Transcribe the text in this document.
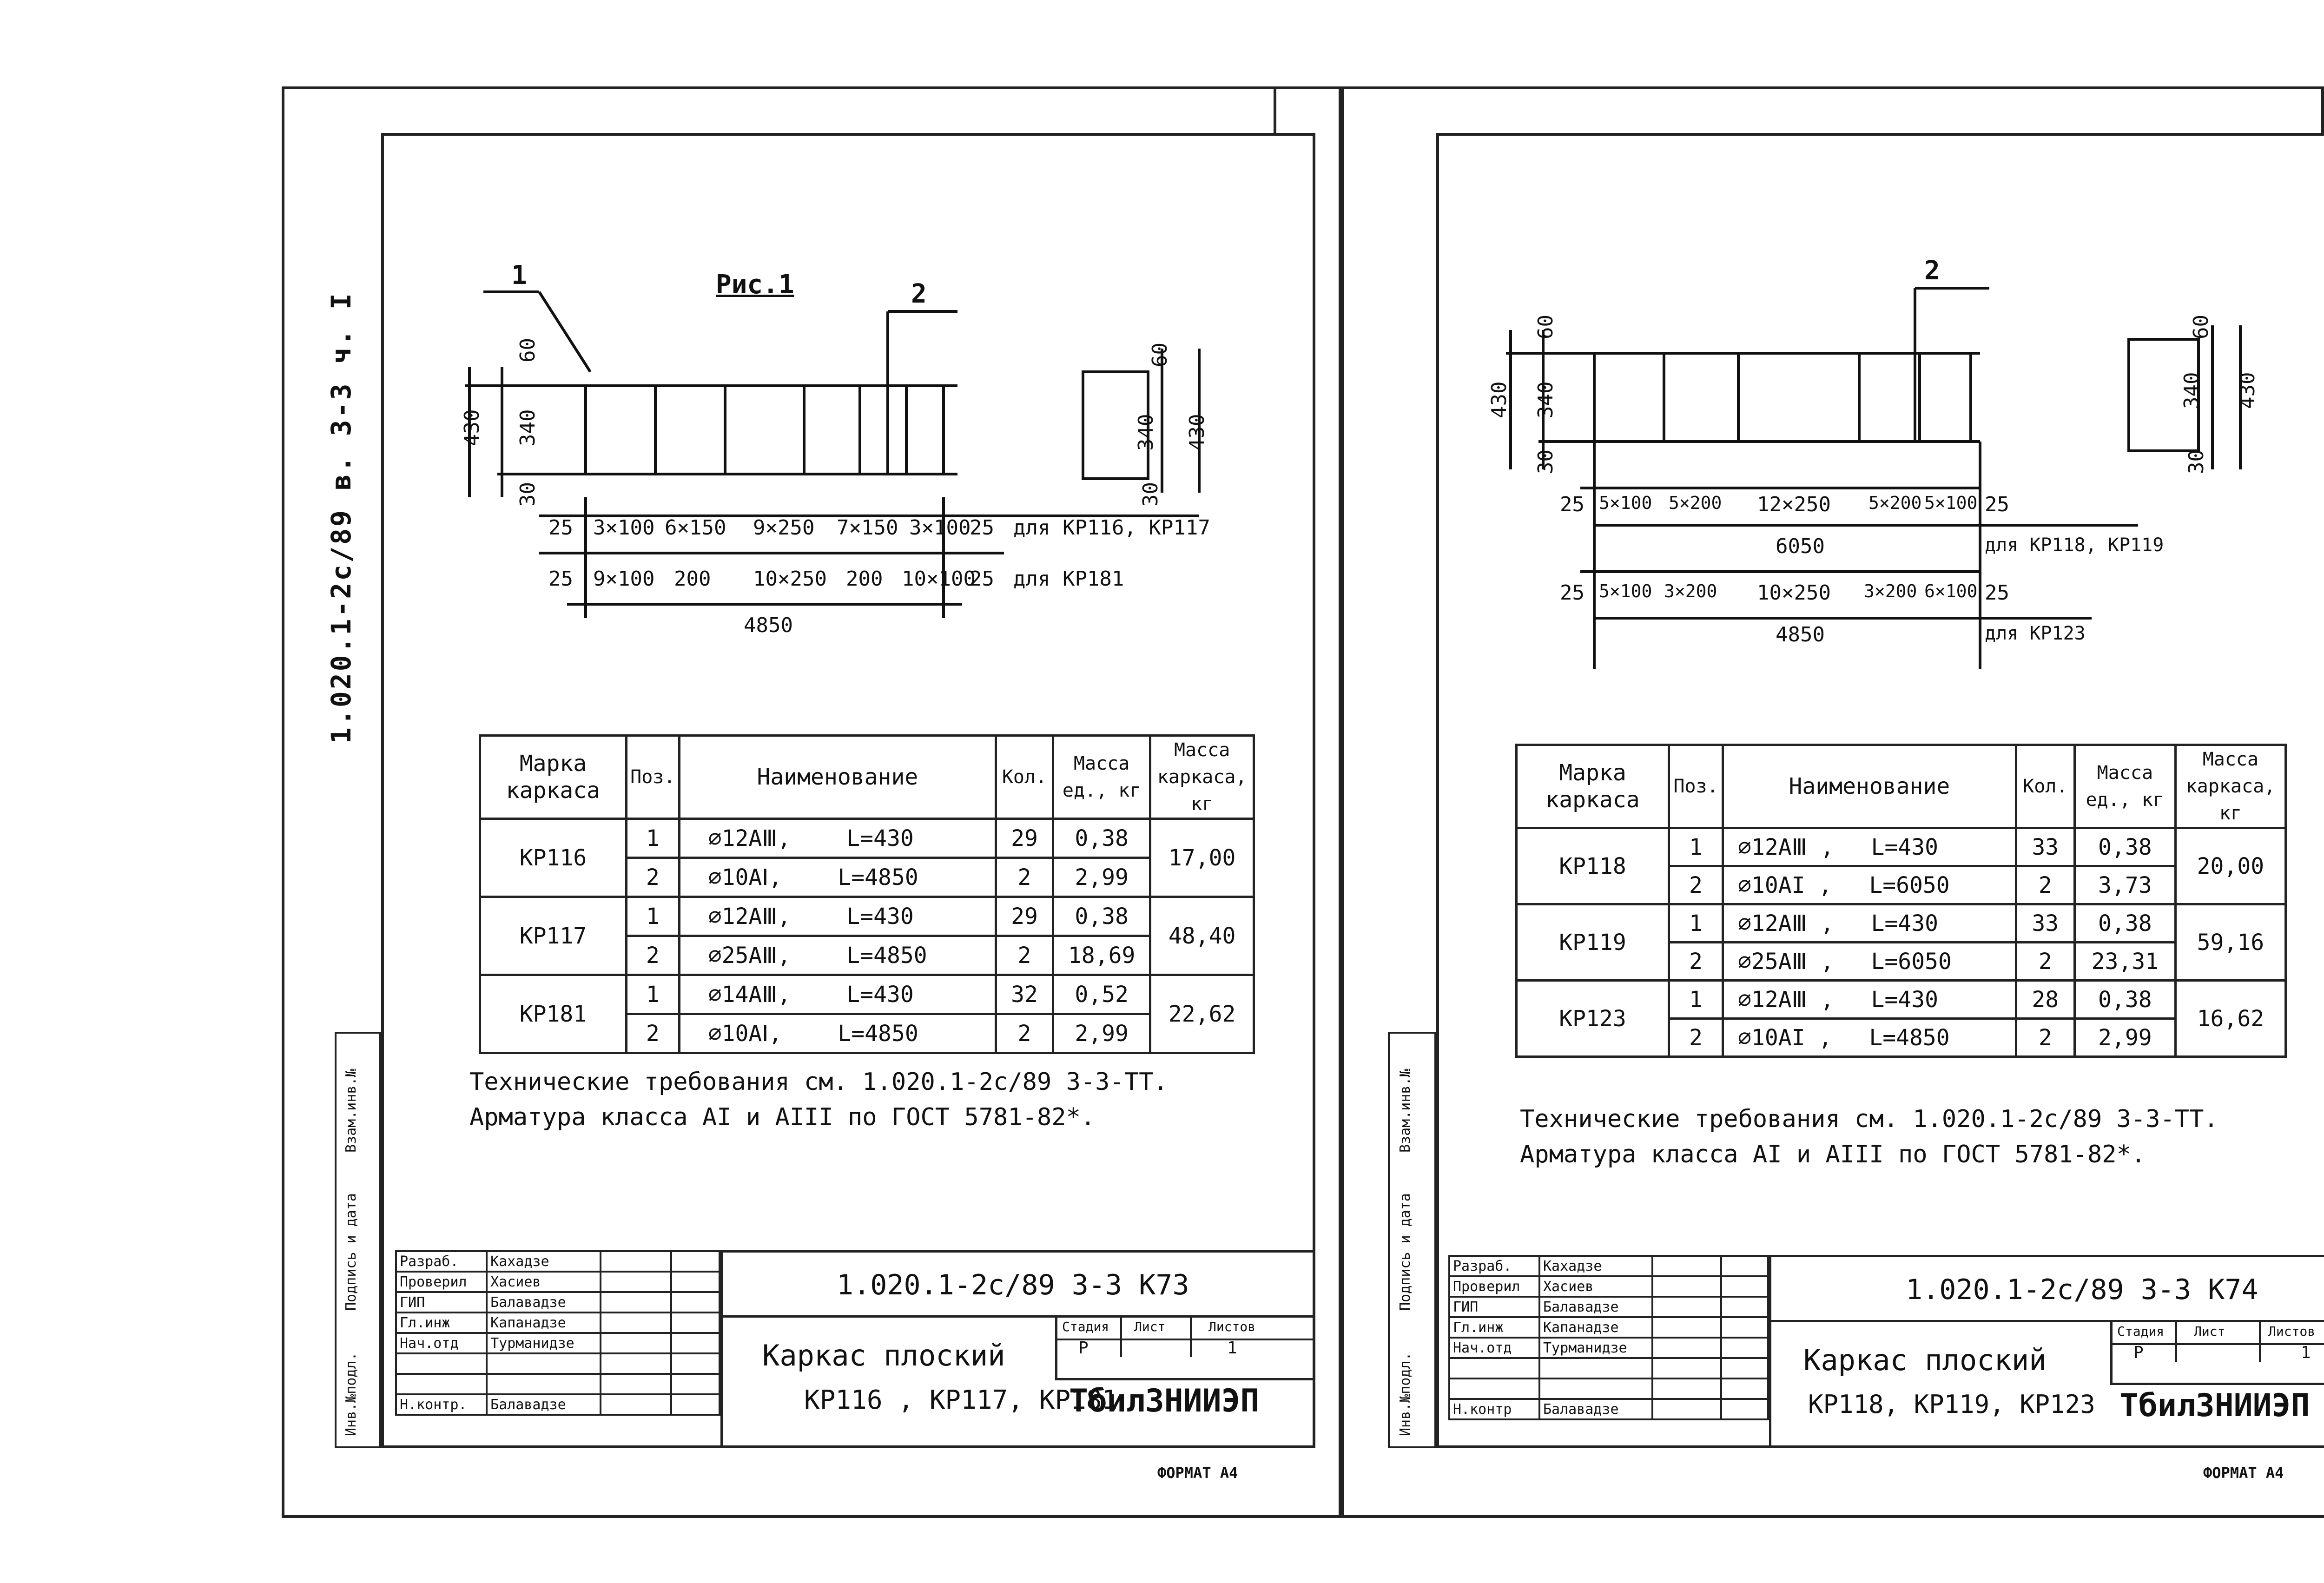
1.020.1-2с/89 в. 3-3 ч. I
Рис.1
1
2
60
340
430
30
60
340 430
30
25 3×100 6×150 9×250 7×150 3×100
25 для КР116, КР117
25 9×100 200 10×250 200 10×100
25 для КР181
4850
Марка каркаса	Поз.	Наименование	Кол.	Масса ед., кг	Масса каркаса, кг
КР116	1	⌀12АⅢ, L=430	29	0,38	17,00
	2	⌀10АⅠ, L=4850	2	2,99	
КР117	1	⌀12АⅢ, L=430	29	0,38	48,40
	2	⌀25АⅢ, L=4850	2	18,69	
КР181	1	⌀14АⅢ, L=430	32	0,52	22,62
	2	⌀10АⅠ, L=4850	2	2,99	
Технические требования см. 1.020.1-2с/89 3-3-ТТ.
Арматура класса АI и АIII по ГОСТ 5781-82*.
Инв.№подл.
Подпись и дата
Взам.инв.№
Разраб.	Кахадзе		
Проверил	Хасиев		
ГИП	Балавадзе		
Гл.инж	Капанадзе		
Нач.отд	Турманидзе		

Н.контр.	Балавадзе		
1.020.1-2с/89 3-3 К73
Каркас плоский
КР116 , КР117, КР181
Стадия Лист	Листов
Р	1
ТбилЗНИИЭП
ФОРМАТ А4
2
60
340
430
30
60
340 430
30
25 5×100 5×200 12×250 5×200 5×100 25
6050	для КР118, КР119
25 5×100 3×200 10×250 3×200 6×100 25
4850	для КР123
Марка каркаса	Поз.	Наименование	Кол.	Масса ед., кг	Масса каркаса, кг
КР118	1	⌀12АⅢ , L=430	33	0,38	20,00
	2	⌀10АI , L=6050	2	3,73	
КР119	1	⌀12АⅢ , L=430	33	0,38	59,16
	2	⌀25АⅢ , L=6050	2	23,31	
КР123	1	⌀12АⅢ , L=430	28	0,38	16,62
	2	⌀10АI , L=4850	2	2,99	
Технические требования см. 1.020.1-2с/89 3-3-ТТ.
Арматура класса АI и АIII по ГОСТ 5781-82*.
Инв.№подл.
Подпись и дата
Взам.инв.№
Разраб.	Кахадзе		
Проверил	Хасиев		
ГИП	Балавадзе		
Гл.инж	Капанадзе		
Нач.отд	Турманидзе		

Н.контр	Балавадзе		
1.020.1-2с/89 3-3 К74
Каркас плоский
КР118, КР119, КР123
Стадия Лист	Листов
Р	1
ТбилЗНИИЭП
ФОРМАТ А4
